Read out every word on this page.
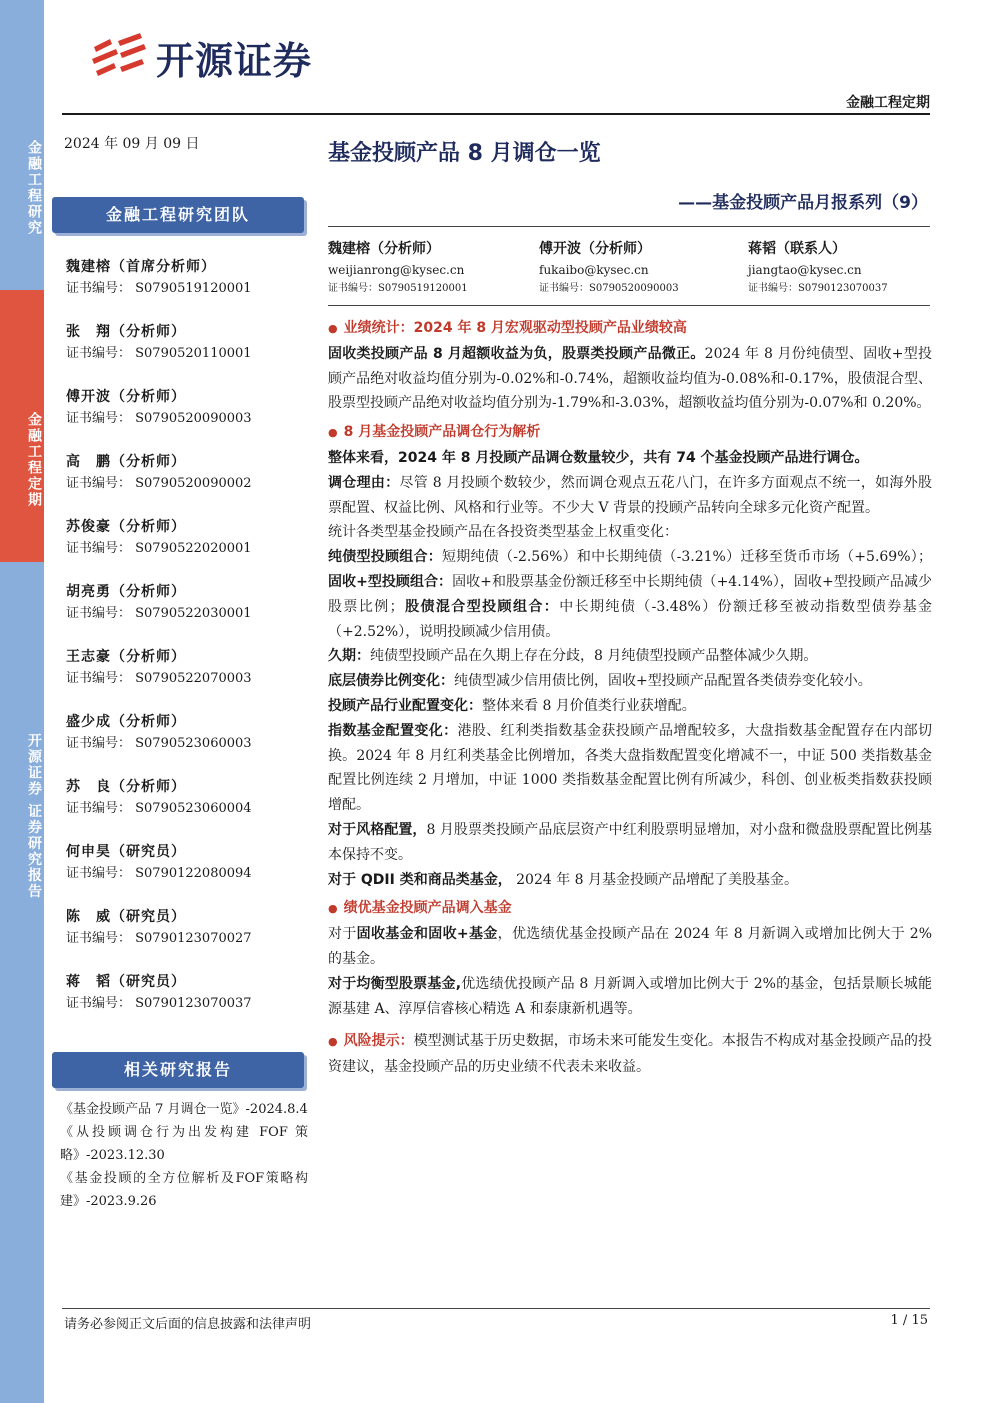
金融工程研究
金融工程定期
开源证券 证券研究报告
开源证券
金融工程定期
2024 年 09 月 09 日
金融工程研究团队
魏建榕（首席分析师）
证书编号： S0790519120001
张　翔（分析师）
证书编号： S0790520110001
傅开波（分析师）
证书编号： S0790520090003
高　鹏（分析师）
证书编号： S0790520090002
苏俊豪（分析师）
证书编号： S0790522020001
胡亮勇（分析师）
证书编号： S0790522030001
王志豪（分析师）
证书编号： S0790522070003
盛少成（分析师）
证书编号： S0790523060003
苏　良（分析师）
证书编号： S0790523060004
何申昊（研究员）
证书编号： S0790122080094
陈　威（研究员）
证书编号： S0790123070027
蒋　韬（研究员）
证书编号： S0790123070037
相关研究报告
《基金投顾产品 7 月调仓一览》-2024.8.4
《从投顾调仓行为出发构建 FOF 策略》-2023.12.30
《基金投顾的全方位解析及FOF策略构建》-2023.9.26
基金投顾产品 8 月调仓一览
——基金投顾产品月报系列（9）
魏建榕（分析师）
weijianrong@kysec.cn
证书编号：S0790519120001
傅开波（分析师）
fukaibo@kysec.cn
证书编号：S0790520090003
蒋韬（联系人）
jiangtao@kysec.cn
证书编号：S0790123070037

● 业绩统计：2024 年 8 月宏观驱动型投顾产品业绩较高

固收类投顾产品 8 月超额收益为负，股票类投顾产品微正。2024 年 8 月份纯债型、固收+型投顾产品绝对收益均值分别为-0.02%和-0.74%，超额收益均值为-0.08%和-0.17%，股债混合型、股票型投顾产品绝对收益均值分别为-1.79%和-3.03%，超额收益均值分别为-0.07%和 0.20%。

● 8 月基金投顾产品调仓行为解析

整体来看，2024 年 8 月投顾产品调仓数量较少，共有 74 个基金投顾产品进行调仓。

调仓理由：尽管 8 月投顾个数较少，然而调仓观点五花八门，在许多方面观点不统一，如海外股票配置、权益比例、风格和行业等。不少大 V 背景的投顾产品转向全球多元化资产配置。

统计各类型基金投顾产品在各投资类型基金上权重变化：

纯债型投顾组合：短期纯债（-2.56%）和中长期纯债（-3.21%）迁移至货币市场（+5.69%）；固收+型投顾组合：固收+和股票基金份额迁移至中长期纯债（+4.14%），固收+型投顾产品减少股票比例；股债混合型投顾组合：中长期纯债（-3.48%）份额迁移至被动指数型债券基金（+2.52%），说明投顾减少信用债。

久期：纯债型投顾产品在久期上存在分歧，8 月纯债型投顾产品整体减少久期。

底层债券比例变化：纯债型减少信用债比例，固收+型投顾产品配置各类债券变化较小。

投顾产品行业配置变化：整体来看 8 月价值类行业获增配。

指数基金配置变化：港股、红利类指数基金获投顾产品增配较多，大盘指数基金配置存在内部切换。2024 年 8 月红利类基金比例增加，各类大盘指数配置变化增减不一，中证 500 类指数基金配置比例连续 2 月增加，中证 1000 类指数基金配置比例有所减少，科创、创业板类指数获投顾增配。

对于风格配置，8 月股票类投顾产品底层资产中红利股票明显增加，对小盘和微盘股票配置比例基本保持不变。

对于 QDII 类和商品类基金， 2024 年 8 月基金投顾产品增配了美股基金。

● 绩优基金投顾产品调入基金

对于固收基金和固收+基金，优选绩优基金投顾产品在 2024 年 8 月新调入或增加比例大于 2%的基金。

对于均衡型股票基金,优选绩优投顾产品 8 月新调入或增加比例大于 2%的基金，包括景顺长城能源基建 A、淳厚信睿核心精选 A 和泰康新机遇等。

● 风险提示：模型测试基于历史数据，市场未来可能发生变化。本报告不构成对基金投顾产品的投资建议，基金投顾产品的历史业绩不代表未来收益。

请务必参阅正文后面的信息披露和法律声明	1 / 15
